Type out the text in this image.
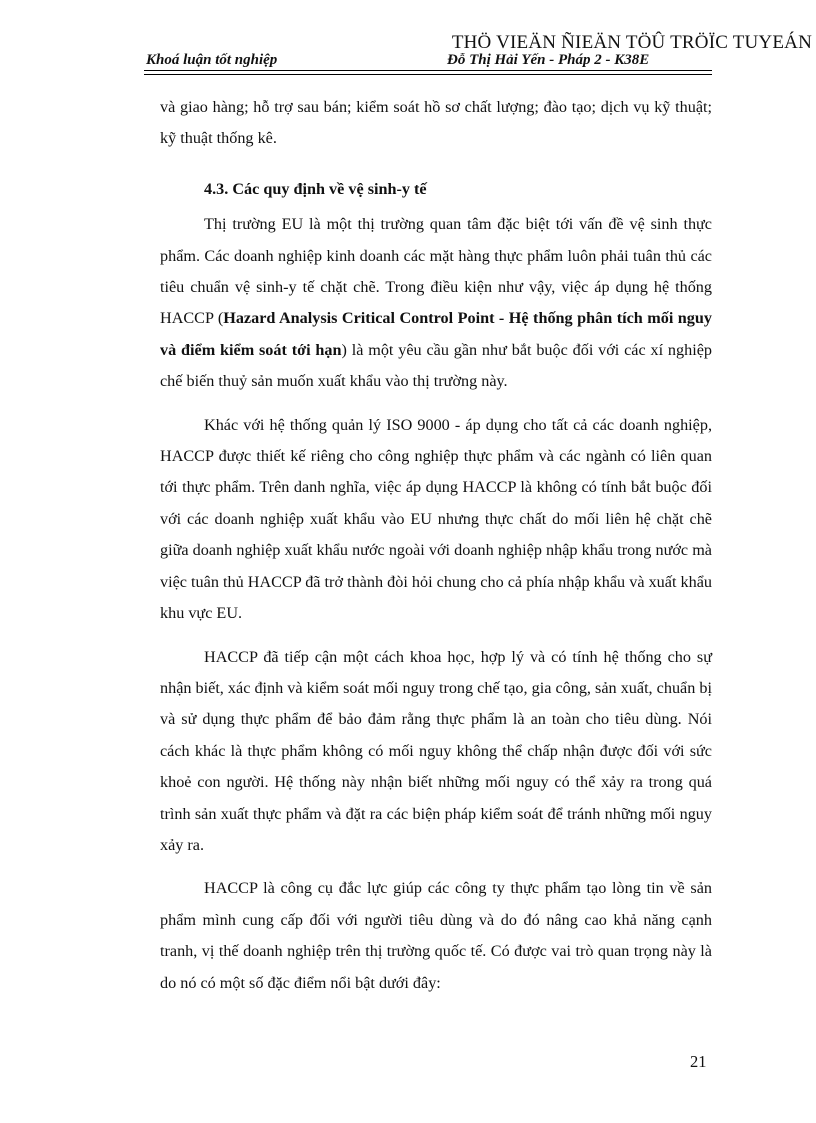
THÖ VIEÄN ÑIEÄN TÖÛ TRÖÏC TUYEÁN
Khoá luận tốt nghiệp	Đỗ Thị Hải Yến - Pháp 2 - K38E

và giao hàng; hỗ trợ sau bán; kiểm soát hồ sơ chất lượng; đào tạo; dịch vụ kỹ thuật; kỹ thuật thống kê.

4.3. Các quy định về vệ sinh-y tế

Thị trường EU là một thị trường quan tâm đặc biệt tới vấn đề vệ sinh thực phẩm. Các doanh nghiệp kinh doanh các mặt hàng thực phẩm luôn phải tuân thủ các tiêu chuẩn vệ sinh-y tế chặt chẽ. Trong điều kiện như vậy, việc áp dụng hệ thống HACCP (Hazard Analysis Critical Control Point - Hệ thống phân tích mối nguy và điểm kiểm soát tới hạn) là một yêu cầu gần như bắt buộc đối với các xí nghiệp chế biến thuỷ sản muốn xuất khẩu vào thị trường này.

Khác với hệ thống quản lý ISO 9000 - áp dụng cho tất cả các doanh nghiệp, HACCP được thiết kế riêng cho công nghiệp thực phẩm và các ngành có liên quan tới thực phẩm. Trên danh nghĩa, việc áp dụng HACCP là không có tính bắt buộc đối với các doanh nghiệp xuất khẩu vào EU nhưng thực chất do mối liên hệ chặt chẽ giữa doanh nghiệp xuất khẩu nước ngoài với doanh nghiệp nhập khẩu trong nước mà việc tuân thủ HACCP đã trở thành đòi hỏi chung cho cả phía nhập khẩu và xuất khẩu khu vực EU.

HACCP đã tiếp cận một cách khoa học, hợp lý và có tính hệ thống cho sự nhận biết, xác định và kiểm soát mối nguy trong chế tạo, gia công, sản xuất, chuẩn bị và sử dụng thực phẩm để bảo đảm rằng thực phẩm là an toàn cho tiêu dùng. Nói cách khác là thực phẩm không có mối nguy không thể chấp nhận được đối với sức khoẻ con người. Hệ thống này nhận biết những mối nguy có thể xảy ra trong quá trình sản xuất thực phẩm và đặt ra các biện pháp kiểm soát để tránh những mối nguy xảy ra.

HACCP là công cụ đắc lực giúp các công ty thực phẩm tạo lòng tin về sản phẩm mình cung cấp đối với người tiêu dùng và do đó nâng cao khả năng cạnh tranh, vị thế doanh nghiệp trên thị trường quốc tế. Có được vai trò quan trọng này là do nó có một số đặc điểm nổi bật dưới đây:

21
